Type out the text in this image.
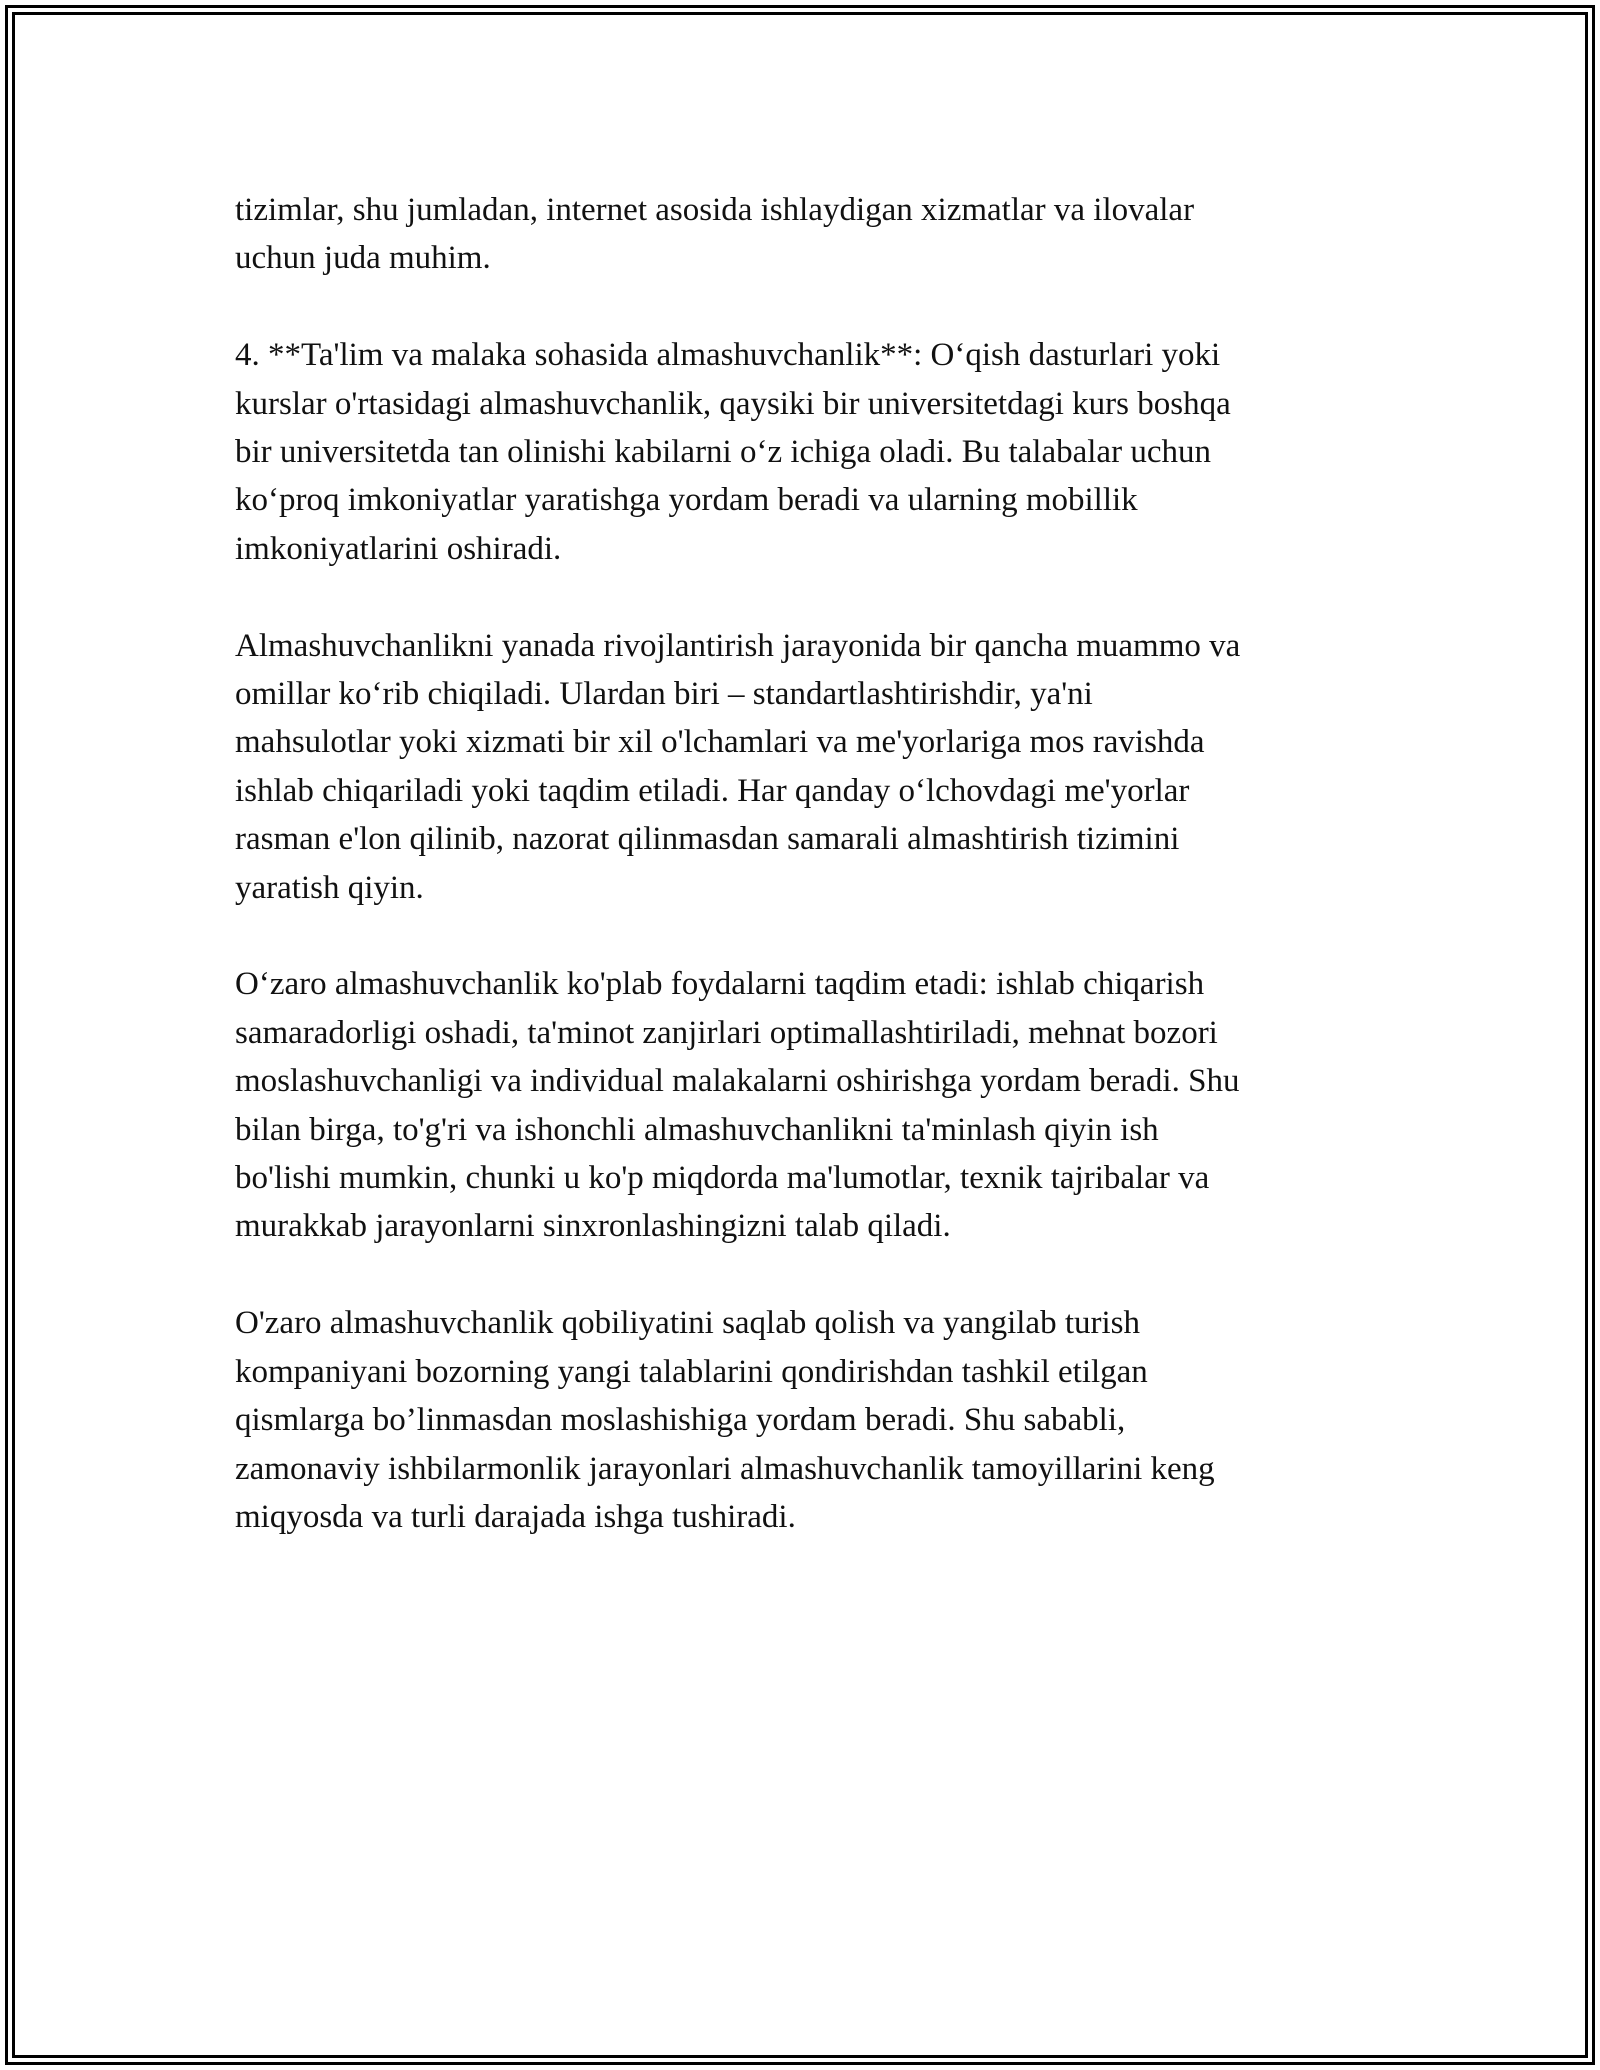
tizimlar, shu jumladan, internet asosida ishlaydigan xizmatlar va ilovalar
uchun juda muhim.

4. **Ta'lim va malaka sohasida almashuvchanlik**: O‘qish dasturlari yoki
kurslar o'rtasidagi almashuvchanlik, qaysiki bir universitetdagi kurs boshqa
bir universitetda tan olinishi kabilarni o‘z ichiga oladi. Bu talabalar uchun
ko‘proq imkoniyatlar yaratishga yordam beradi va ularning mobillik
imkoniyatlarini oshiradi.

Almashuvchanlikni yanada rivojlantirish jarayonida bir qancha muammo va
omillar ko‘rib chiqiladi. Ulardan biri – standartlashtirishdir, ya'ni
mahsulotlar yoki xizmati bir xil o'lchamlari va me'yorlariga mos ravishda
ishlab chiqariladi yoki taqdim etiladi. Har qanday o‘lchovdagi me'yorlar
rasman e'lon qilinib, nazorat qilinmasdan samarali almashtirish tizimini
yaratish qiyin.

O‘zaro almashuvchanlik ko'plab foydalarni taqdim etadi: ishlab chiqarish
samaradorligi oshadi, ta'minot zanjirlari optimallashtiriladi, mehnat bozori
moslashuvchanligi va individual malakalarni oshirishga yordam beradi. Shu
bilan birga, to'g'ri va ishonchli almashuvchanlikni ta'minlash qiyin ish
bo'lishi mumkin, chunki u ko'p miqdorda ma'lumotlar, texnik tajribalar va
murakkab jarayonlarni sinxronlashingizni talab qiladi.

O'zaro almashuvchanlik qobiliyatini saqlab qolish va yangilab turish
kompaniyani bozorning yangi talablarini qondirishdan tashkil etilgan
qismlarga bo’linmasdan moslashishiga yordam beradi. Shu sababli,
zamonaviy ishbilarmonlik jarayonlari almashuvchanlik tamoyillarini keng
miqyosda va turli darajada ishga tushiradi.
